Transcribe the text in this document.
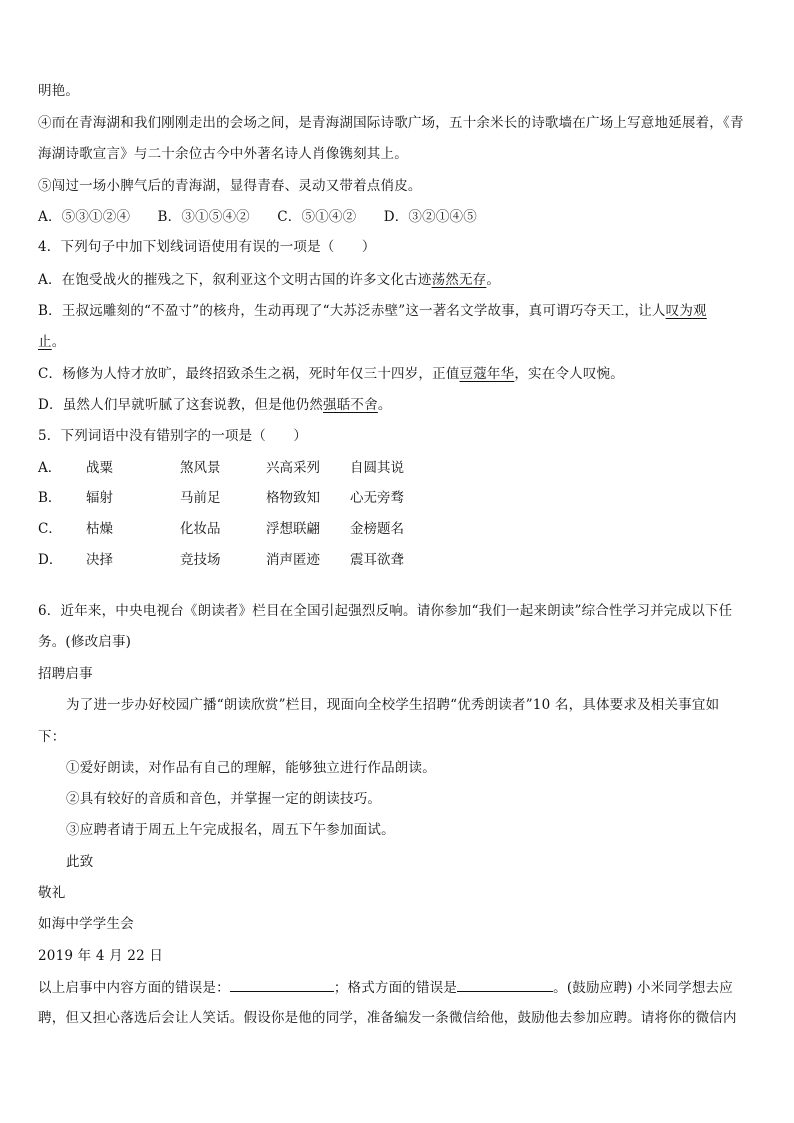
明艳。
④而在青海湖和我们刚刚走出的会场之间，是青海湖国际诗歌广场，五十余米长的诗歌墙在广场上写意地延展着，《青
海湖诗歌宣言》与二十余位古今中外著名诗人肖像镌刻其上。
⑤闯过一场小脾气后的青海湖，显得青春、灵动又带着点俏皮。
A．⑤③①②④　　B．③①⑤④②　　C．⑤①④②　　D．③②①④⑤
4．下列句子中加下划线词语使用有误的一项是（　　）
A．在饱受战火的摧残之下，叙利亚这个文明古国的许多文化古迹荡然无存。
B．王叔远雕刻的“不盈寸”的核舟，生动再现了“大苏泛赤壁”这一著名文学故事，真可谓巧夺天工，让人叹为观
止。
C．杨修为人恃才放旷，最终招致杀生之祸，死时年仅三十四岁，正值豆蔻年华，实在令人叹惋。
D．虽然人们早就听腻了这套说教，但是他仍然强聒不舍。
5．下列词语中没有错别字的一项是（　　）
A． 战粟	煞风景	兴高采列 自圆其说
B． 辐射	马前足	格物致知 心无旁骛
C． 枯燥	化妆品	浮想联翩 金榜题名
D． 决择	竞技场	消声匿迹 震耳欲聋
6．近年来，中央电视台《朗读者》栏目在全国引起强烈反响。请你参加“我们一起来朗读”综合性学习并完成以下任
务。(修改启事)
招聘启事
为了进一步办好校园广播“朗读欣赏”栏目，现面向全校学生招聘“优秀朗读者”10 名，具体要求及相关事宜如
下：
①爱好朗读，对作品有自己的理解，能够独立进行作品朗读。
②具有较好的音质和音色，并掌握一定的朗读技巧。
③应聘者请于周五上午完成报名，周五下午参加面试。
此致
敬礼
如海中学学生会
2019 年 4 月 22 日
以上启事中内容方面的错误是：	；格式方面的错误是	。(鼓励应聘) 小米同学想去应
聘，但又担心落选后会让人笑话。假设你是他的同学，准备编发一条微信给他，鼓励他去参加应聘。请将你的微信内
